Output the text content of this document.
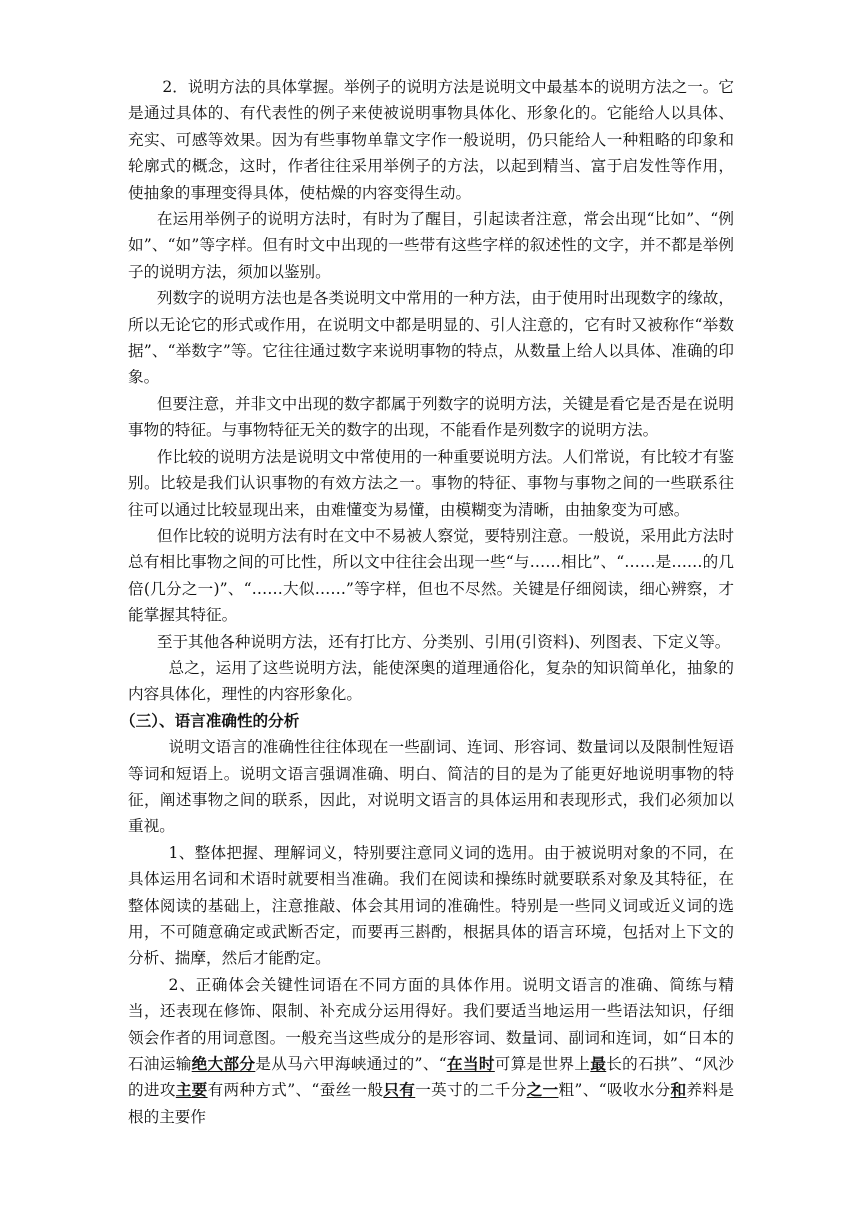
2．说明方法的具体掌握。举例子的说明方法是说明文中最基本的说明方法之一。它是通过具体的、有代表性的例子来使被说明事物具体化、形象化的。它能给人以具体、充实、可感等效果。因为有些事物单靠文字作一般说明，仍只能给人一种粗略的印象和轮廓式的概念，这时，作者往往采用举例子的方法，以起到精当、富于启发性等作用，使抽象的事理变得具体，使枯燥的内容变得生动。

在运用举例子的说明方法时，有时为了醒目，引起读者注意，常会出现“比如”、“例如”、“如”等字样。但有时文中出现的一些带有这些字样的叙述性的文字，并不都是举例子的说明方法，须加以鉴别。

列数字的说明方法也是各类说明文中常用的一种方法，由于使用时出现数字的缘故，所以无论它的形式或作用，在说明文中都是明显的、引人注意的，它有时又被称作“举数据”、“举数字”等。它往往通过数字来说明事物的特点，从数量上给人以具体、准确的印象。

但要注意，并非文中出现的数字都属于列数字的说明方法，关键是看它是否是在说明事物的特征。与事物特征无关的数字的出现，不能看作是列数字的说明方法。

作比较的说明方法是说明文中常使用的一种重要说明方法。人们常说，有比较才有鉴别。比较是我们认识事物的有效方法之一。事物的特征、事物与事物之间的一些联系往往可以通过比较显现出来，由难懂变为易懂，由模糊变为清晰，由抽象变为可感。

但作比较的说明方法有时在文中不易被人察觉，要特别注意。一般说，采用此方法时总有相比事物之间的可比性，所以文中往往会出现一些“与……相比”、“……是……的几倍(几分之一)”、“……大似……”等字样，但也不尽然。关键是仔细阅读，细心辨察，才能掌握其特征。

至于其他各种说明方法，还有打比方、分类别、引用(引资料)、列图表、下定义等。

总之，运用了这些说明方法，能使深奥的道理通俗化，复杂的知识简单化，抽象的内容具体化，理性的内容形象化。

（三）、语言准确性的分析

说明文语言的准确性往往体现在一些副词、连词、形容词、数量词以及限制性短语等词和短语上。说明文语言强调准确、明白、简洁的目的是为了能更好地说明事物的特征，阐述事物之间的联系，因此，对说明文语言的具体运用和表现形式，我们必须加以重视。

1、整体把握、理解词义，特别要注意同义词的选用。由于被说明对象的不同，在具体运用名词和术语时就要相当准确。我们在阅读和操练时就要联系对象及其特征，在整体阅读的基础上，注意推敲、体会其用词的准确性。特别是一些同义词或近义词的选用，不可随意确定或武断否定，而要再三斟酌，根据具体的语言环境，包括对上下文的分析、揣摩，然后才能酌定。

2、正确体会关键性词语在不同方面的具体作用。说明文语言的准确、简练与精当，还表现在修饰、限制、补充成分运用得好。我们要适当地运用一些语法知识，仔细领会作者的用词意图。一般充当这些成分的是形容词、数量词、副词和连词，如“日本的石油运输绝大部分是从马六甲海峡通过的”、“在当时可算是世界上最长的石拱”、“风沙的进攻主要有两种方式”、“蚕丝一般只有一英寸的二千分之一粗”、“吸收水分和养料是根的主要作
